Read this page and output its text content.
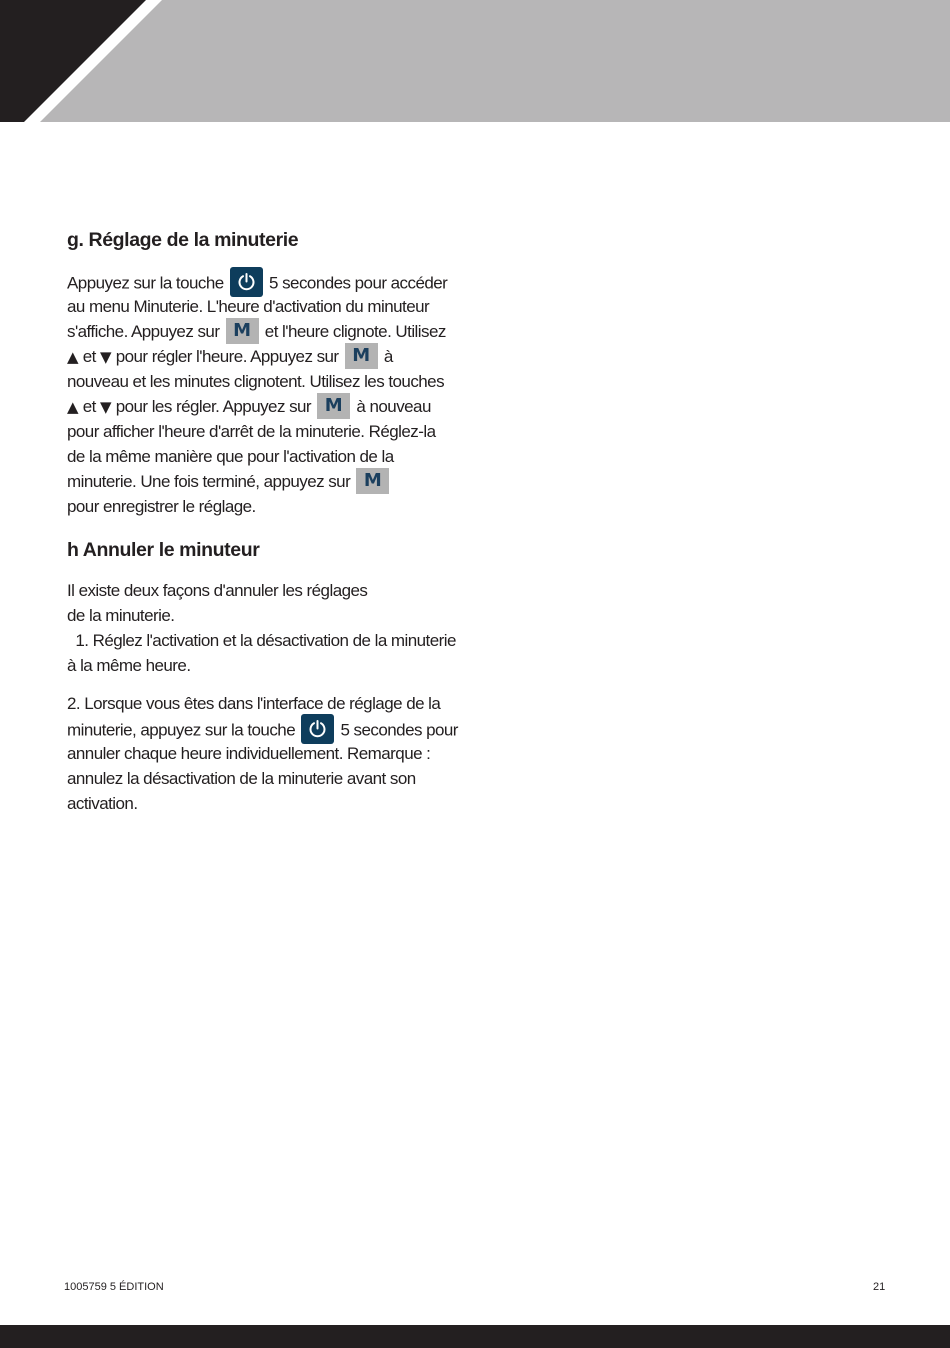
g. Réglage de la minuterie
Appuyez sur la touche
5 secondes pour accéder
au menu Minuterie. L'heure d'activation du minuteur
s'affiche. Appuyez sur M et l'heure clignote. Utilisez
▲ et ▼ pour régler l'heure. Appuyez sur M à
nouveau et les minutes clignotent. Utilisez les touches
▲ et ▼ pour les régler. Appuyez sur M à nouveau
pour afficher l'heure d'arrêt de la minuterie. Réglez-la
de la même manière que pour l'activation de la
minuterie. Une fois terminé, appuyez sur M
pour enregistrer le réglage.
h Annuler le minuteur
Il existe deux façons d'annuler les réglages
de la minuterie.
1. Réglez l'activation et la désactivation de la minuterie
à la même heure.
2. Lorsque vous êtes dans l'interface de réglage de la
minuterie, appuyez sur la touche
5 secondes pour
annuler chaque heure individuellement. Remarque :
annulez la désactivation de la minuterie avant son
activation.
1005759 5 ÉDITION	21
